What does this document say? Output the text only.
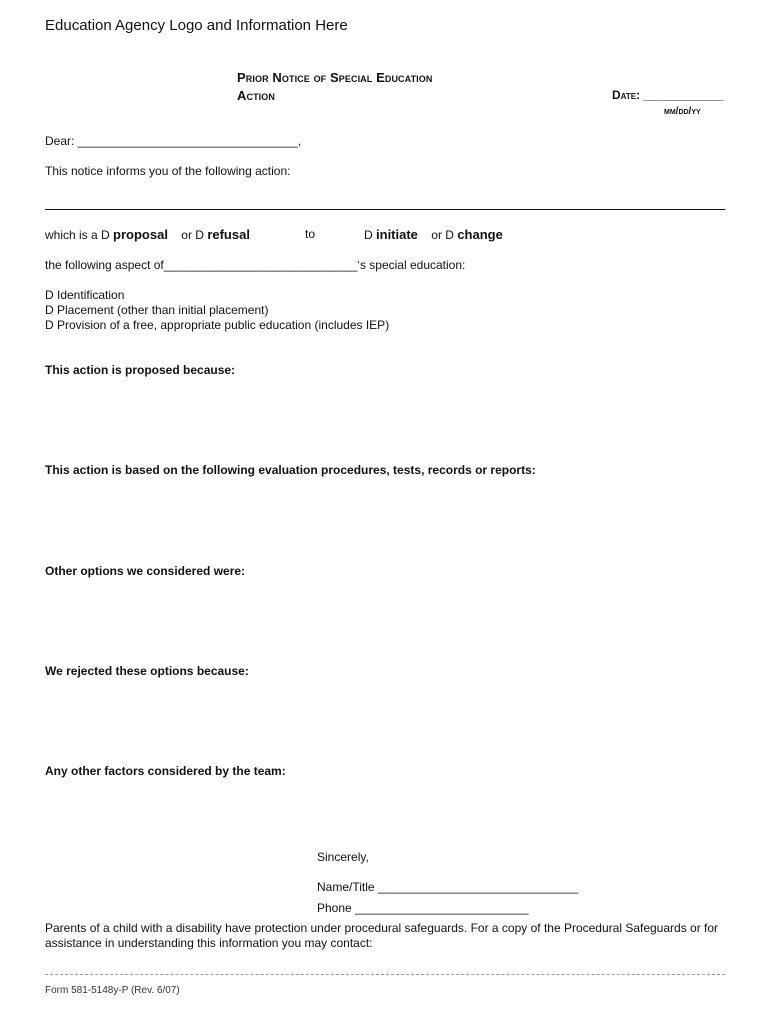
Education Agency Logo and Information Here
Prior Notice of Special Education
Action	Date: ____________
mm/dd/yy
Dear: _________________________________,
This notice informs you of the following action:
which is a D proposal or D refusal	to	D initiate or D change
the following aspect of_____________________________‘s special education:
D Identification
D Placement (other than initial placement)
D Provision of a free, appropriate public education (includes IEP)
This action is proposed because:
This action is based on the following evaluation procedures, tests, records or reports:
Other options we considered were:
We rejected these options because:
Any other factors considered by the team:
Sincerely,
Name/Title ______________________________
Phone __________________________
Parents of a child with a disability have protection under procedural safeguards. For a copy of the Procedural Safeguards or for assistance in understanding this information you may contact:
Form 581-5148y-P (Rev. 6/07)
